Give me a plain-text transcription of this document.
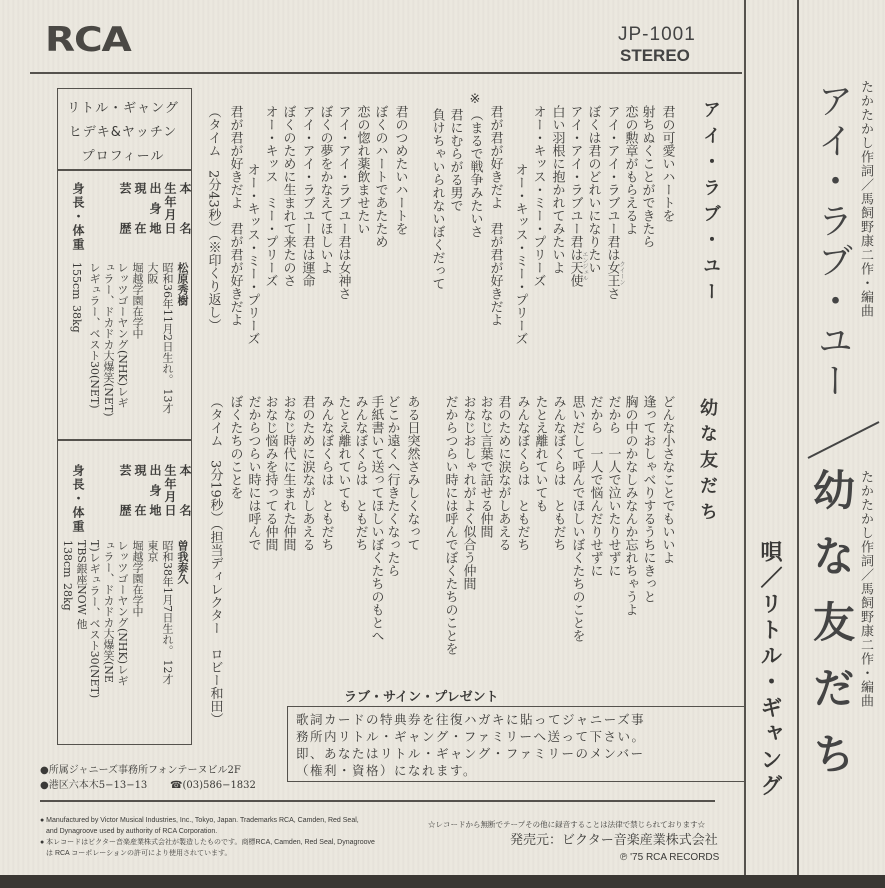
RCA	JP-1001
STEREO
リトル・ギャング
ヒデキ&ヤッチン
プロフィール
本名
生年月日
出身地
現在
芸歴
身長・体重
松原秀樹
昭和36年11月2日生れ。 13才
大阪
堀越学園在学中
レッツゴーヤング(NHK)レギ
ュラー、ドカドカ大爆笑(NET)
レギュラー、ベスト30(NET)
155cm
38kg
本名
生年月日
出身地
現在
芸歴
身長・体重
曽我泰久
昭和38年1月7日生れ。 12才
東京
堀越学園在学中
レッツゴーヤング(NHK)レギ
ュラー、ドカドカ大爆笑(NE
T)レギュラー、ベスト30(NET)
TBS銀座NOW 他
138cm
28kg
アイ・ラブ・ユー
君の可愛いハートを
射ちぬくことができたら
恋の勲章がもらえるよ
アイ・アイ・ラブユー君は女王さ
ぼくは君のどれいになりたい
アイ・アイ・ラブユー君は天使
白い羽根に抱かれてみたいよ
オー・キッス・ミー・プリーズ
オー・キッス・ミー・プリーズ
君が君が好きだよ　君が君が好きだよ
※
（まるで戦争みたいさ
君にむらがる男で
負けちゃいられないぼくだって
君のつめたいハートを
ぼくのハートであたため
恋の惚れ薬飲ませたい
アイ・アイ・ラブユー君は女神さ
ぼくの夢をかなえてほしいよ
アイ・アイ・ラブユー君は運命
ぼくのために生まれて来たのさ
オー・キッス　ミー・プリーズ
オー・キッス・ミー・プリーズ
君が君が好きだよ　君が君が好きだよ
（タイム　2分43秒）（※印くり返し）
幼な友だち
どんな小さなことでもいいよ
逢っておしゃべりするうちにきっと
胸の中のかなしみなんか忘れちゃうよ
だから　一人で泣いたりせずに
だから　一人で悩んだりせずに
思いだして呼んでほしいぼくたちのことを
みんなぼくらは　ともだち
たとえ離れていても
みんなぼくらは　ともだち
君のために涙ながしあえる
おなじ言葉で話せる仲間
おなじおしゃれがよく似合う仲間
だからつらい時には呼んでぼくたちのことを
ある日突然さみしくなって
どこか遠くへ行きたくなったら
手紙書いて送ってほしいぼくたちのもとへ
みんなぼくらは　ともだち
たとえ離れていても
みんなぼくらは　ともだち
君のために涙ながしあえる
おなじ時代に生まれた仲間
おなじ悩みを持ってる仲間
だからつらい時には呼んで
ぼくたちのことを
（タイム　3分19秒）（担当ディレクター　ロビー和田）
クイーン
エンジェル
歌詞カードの特典券を往復ハガキに貼ってジャニーズ事
務所内リトル・ギャング・ファミリーへ送って下さい。
即、あなたはリトル・ギャング・ファミリーのメンバー
（権利・資格）になれます。
ラブ・サイン・プレゼント
●所属ジャニーズ事務所フォンテーヌビル2F
●港区六本木5−13−13 ☎(03)586−1832
● Manufactured by Victor Musical Industries, Inc., Tokyo, Japan. Trademarks RCA, Camden, Red Seal,
and Dynagroove used by authority of RCA Corporation.
● 本レコードはビクター音楽産業株式会社が製造したものです。商標RCA, Camden, Red Seal, Dynagroove
は RCA コーポレーションの許可により使用されています。
☆レコードから無断でテープその他に録音することは法律で禁じられております☆
発売元：ビクター音楽産業株式会社
℗ '75 RCA RECORDS
たかたかし作詞／馬飼野康二作・編曲
アイ・ラブ・ユー
たかたかし作詞／馬飼野康二作・編曲
幼な友だち
唄／リトル・ギャング
